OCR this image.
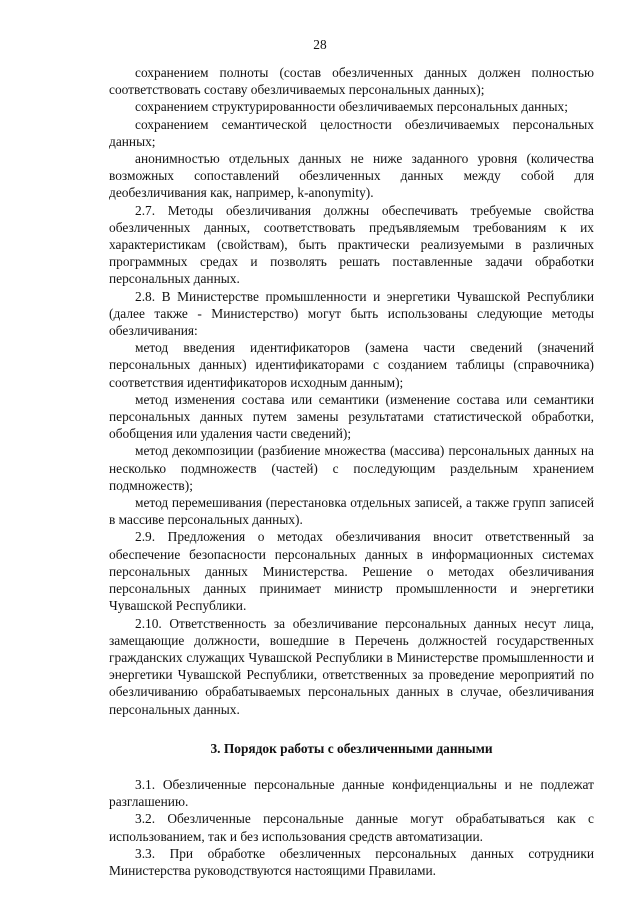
28

сохранением полноты (состав обезличенных данных должен полностью соответствовать составу обезличиваемых персональных данных);

сохранением структурированности обезличиваемых персональных данных;

сохранением семантической целостности обезличиваемых персональных данных;

анонимностью отдельных данных не ниже заданного уровня (количества возможных сопоставлений обезличенных данных между собой для деобезличивания как, например, k-anonymity).

2.7. Методы обезличивания должны обеспечивать требуемые свойства обезличенных данных, соответствовать предъявляемым требованиям к их характеристикам (свойствам), быть практически реализуемыми в различных программных средах и позволять решать поставленные задачи обработки персональных данных.

2.8. В Министерстве промышленности и энергетики Чувашской Республики (далее также - Министерство) могут быть использованы следующие методы обезличивания:

метод введения идентификаторов (замена части сведений (значений персональных данных) идентификаторами с созданием таблицы (справочника) соответствия идентификаторов исходным данным);

метод изменения состава или семантики (изменение состава или семантики персональных данных путем замены результатами статистической обработки, обобщения или удаления части сведений);

метод декомпозиции (разбиение множества (массива) персональных данных на несколько подмножеств (частей) с последующим раздельным хранением подмножеств);

метод перемешивания (перестановка отдельных записей, а также групп записей в массиве персональных данных).

2.9. Предложения о методах обезличивания вносит ответственный за обеспечение безопасности персональных данных в информационных системах персональных данных Министерства. Решение о методах обезличивания персональных данных принимает министр промышленности и энергетики Чувашской Республики.

2.10. Ответственность за обезличивание персональных данных несут лица, замещающие должности, вошедшие в Перечень должностей государственных гражданских служащих Чувашской Республики в Министерстве промышленности и энергетики Чувашской Республики, ответственных за проведение мероприятий по обезличиванию обрабатываемых персональных данных в случае, обезличивания персональных данных.

3. Порядок работы с обезличенными данными

3.1. Обезличенные персональные данные конфиденциальны и не подлежат разглашению.

3.2. Обезличенные персональные данные могут обрабатываться как с использованием, так и без использования средств автоматизации.

3.3. При обработке обезличенных персональных данных сотрудники Министерства руководствуются настоящими Правилами.
